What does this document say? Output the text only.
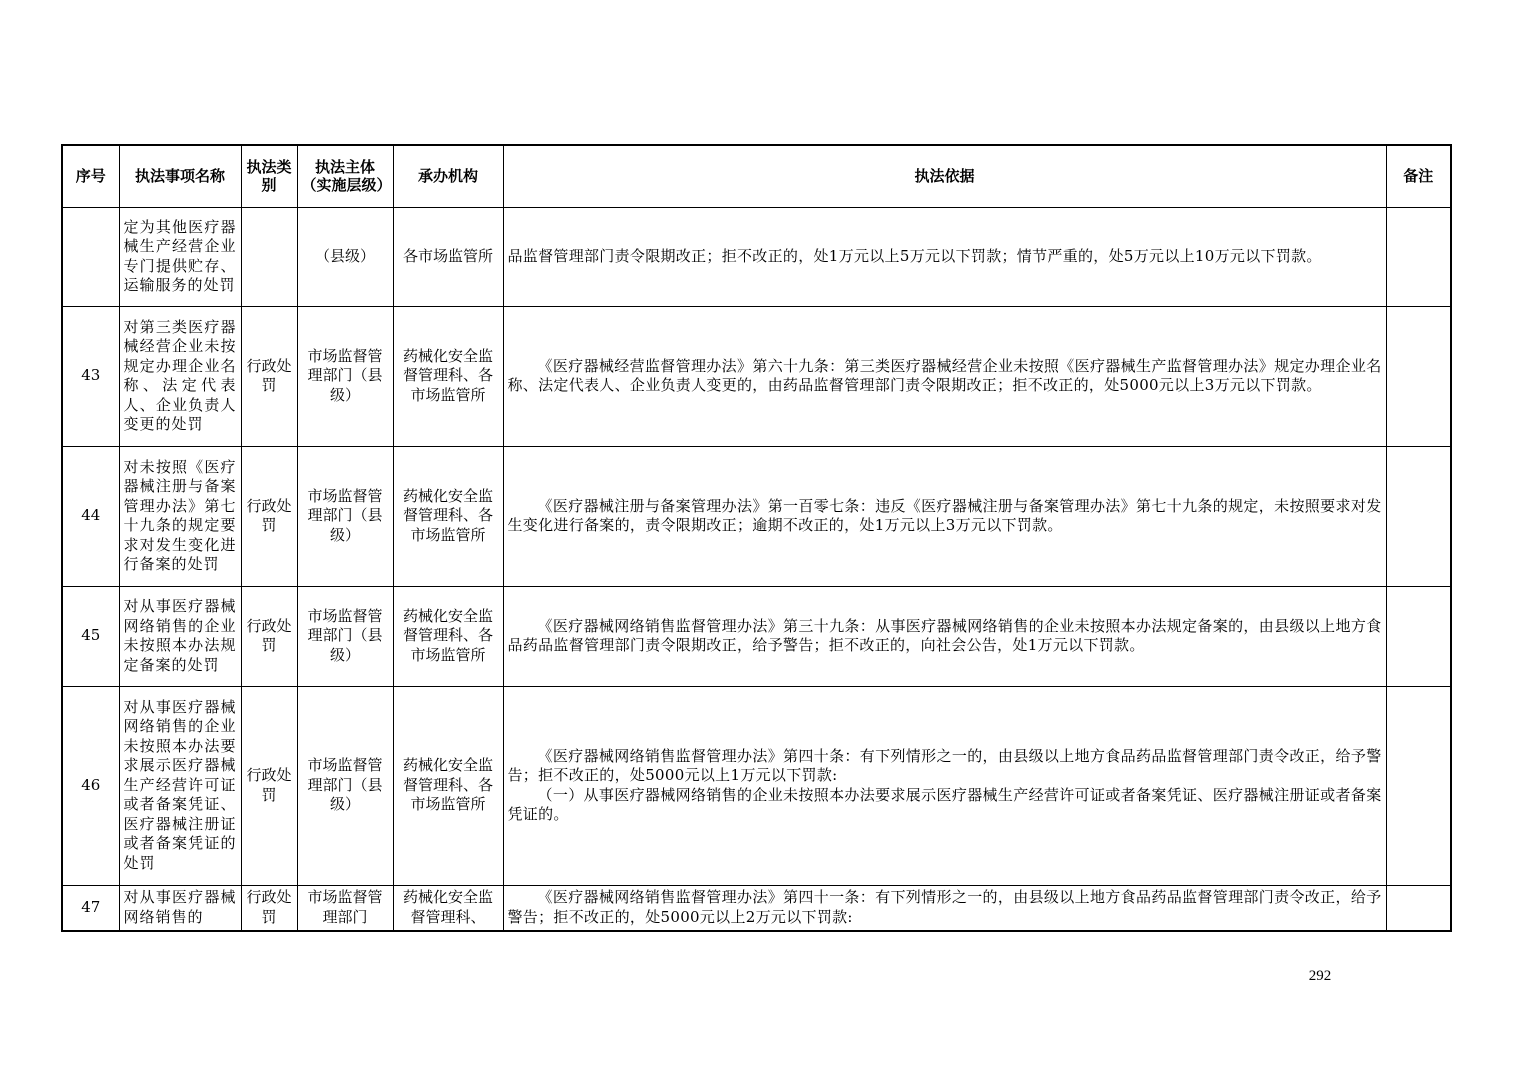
序号	执法事项名称	执法类别	执法主体（实施层级）	承办机构	执法依据	备注
	定为其他医疗器械生产经营企业专门提供贮存、运输服务的处罚		（县级）	各市场监管所	品监督管理部门责令限期改正；拒不改正的，处1万元以上5万元以下罚款；情节严重的，处5万元以上10万元以下罚款。	

43	对第三类医疗器械经营企业未按规定办理企业名称、法定代表人、企业负责人变更的处罚	行政处罚	市场监督管理部门（县级）	药械化安全监督管理科、各市场监管所	《医疗器械经营监督管理办法》第六十九条：第三类医疗器械经营企业未按照《医疗器械生产监督管理办法》规定办理企业名称、法定代表人、企业负责人变更的，由药品监督管理部门责令限期改正；拒不改正的，处5000元以上3万元以下罚款。	

44	对未按照《医疗器械注册与备案管理办法》第七十九条的规定要求对发生变化进行备案的处罚	行政处罚	市场监督管理部门（县级）	药械化安全监督管理科、各市场监管所	《医疗器械注册与备案管理办法》第一百零七条：违反《医疗器械注册与备案管理办法》第七十九条的规定，未按照要求对发生变化进行备案的，责令限期改正；逾期不改正的，处1万元以上3万元以下罚款。	

45	对从事医疗器械网络销售的企业未按照本办法规定备案的处罚	行政处罚	市场监督管理部门（县级）	药械化安全监督管理科、各市场监管所	《医疗器械网络销售监督管理办法》第三十九条：从事医疗器械网络销售的企业未按照本办法规定备案的，由县级以上地方食品药品监督管理部门责令限期改正，给予警告；拒不改正的，向社会公告，处1万元以下罚款。	

46	对从事医疗器械网络销售的企业未按照本办法要求展示医疗器械生产经营许可证或者备案凭证、医疗器械注册证或者备案凭证的处罚	行政处罚	市场监督管理部门（县级）	药械化安全监督管理科、各市场监管所	《医疗器械网络销售监督管理办法》第四十条：有下列情形之一的，由县级以上地方食品药品监督管理部门责令改正，给予警告；拒不改正的，处5000元以上1万元以下罚款:

（一）从事医疗器械网络销售的企业未按照本办法要求展示医疗器械生产经营许可证或者备案凭证、医疗器械注册证或者备案凭证的。	

47	对从事医疗器械网络销售的	行政处罚	市场监督管理部门	药械化安全监督管理科、	《医疗器械网络销售监督管理办法》第四十一条：有下列情形之一的，由县级以上地方食品药品监督管理部门责令改正，给予警告；拒不改正的，处5000元以上2万元以下罚款:	

292
